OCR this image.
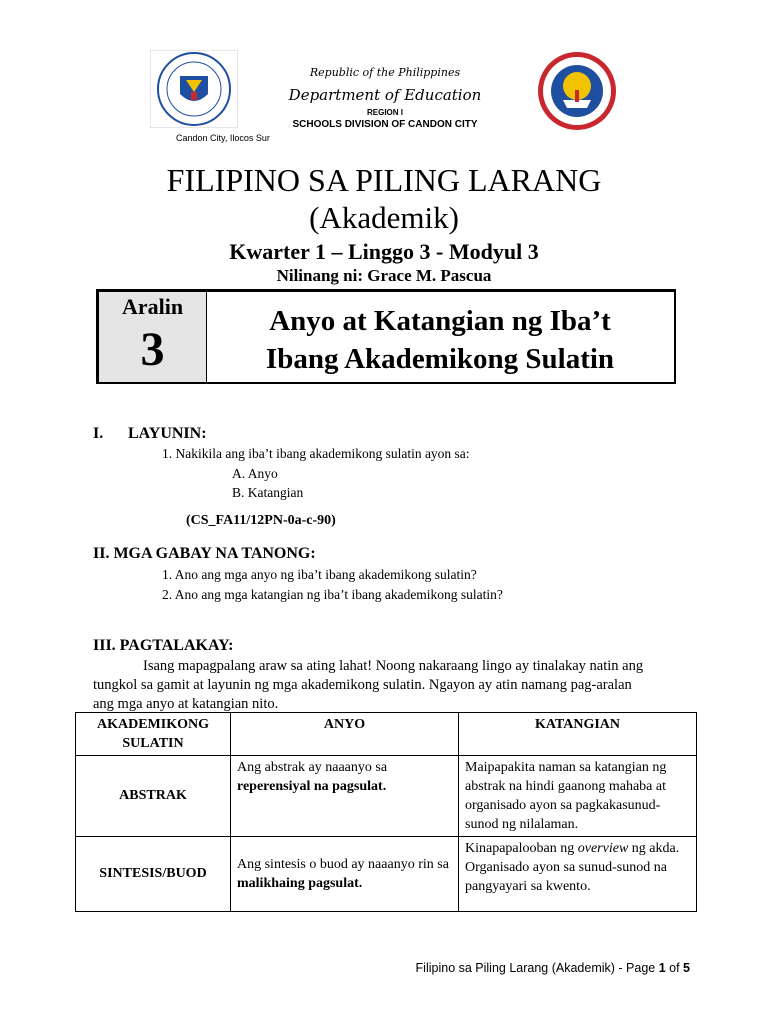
Republic of the Philippines
Department of Education
REGION I
SCHOOLS DIVISION OF CANDON CITY
Candon City, Ilocos Sur
FILIPINO SA PILING LARANG
(Akademik)
Kwarter 1 – Linggo 3 - Modyul 3
Nilinang ni: Grace M. Pascua
Aralin
3
Anyo at Katangian ng Iba’t
Ibang Akademikong Sulatin
I. LAYUNIN:
1. Nakikila ang iba’t ibang akademikong sulatin ayon sa:
A. Anyo
B. Katangian
(CS_FA11/12PN-0a-c-90)
II. MGA GABAY NA TANONG:
1. Ano ang mga anyo ng iba’t ibang akademikong sulatin?
2. Ano ang mga katangian ng iba’t ibang akademikong sulatin?
III. PAGTALAKAY:
Isang mapagpalang araw sa ating lahat! Noong nakaraang lingo ay tinalakay natin ang
tungkol sa gamit at layunin ng mga akademikong sulatin. Ngayon ay atin namang pag-aralan
ang mga anyo at katangian nito.
AKADEMIKONG SULATIN	ANYO	KATANGIAN
ABSTRAK	Ang abstrak ay naaanyo sa reperensiyal na pagsulat.	Maipapakita naman sa katangian ng abstrak na hindi gaanong mahaba at organisado ayon sa pagkakasunud-sunod ng nilalaman.
SINTESIS/BUOD	Ang sintesis o buod ay naaanyo rin sa malikhaing pagsulat.	Kinapapalooban ng overview ng akda. Organisado ayon sa sunud-sunod na pangyayari sa kwento.
Filipino sa Piling Larang (Akademik) - Page 1 of 5
